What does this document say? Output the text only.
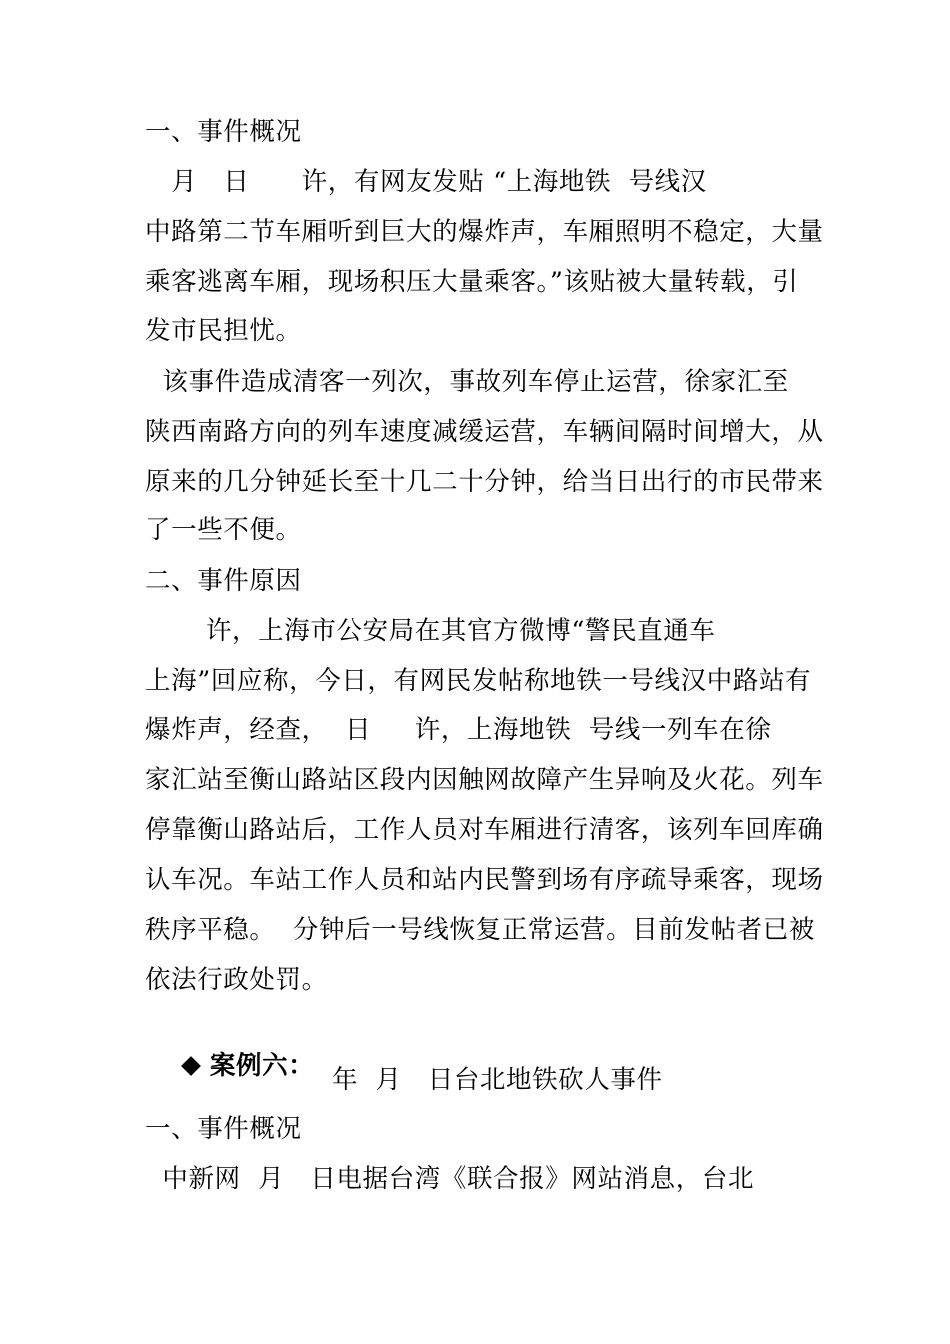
一、事件概况
月   日      许，有网友发贴 “上海地铁  号线汉
中路第二节车厢听到巨大的爆炸声，车厢照明不稳定，大量
乘客逃离车厢，现场积压大量乘客。”该贴被大量转载，引
发市民担忧。
该事件造成清客一列次，事故列车停止运营，徐家汇至
陕西南路方向的列车速度减缓运营，车辆间隔时间增大，从
原来的几分钟延长至十几二十分钟，给当日出行的市民带来
了一些不便。
二、事件原因
许，上海市公安局在其官方微博“警民直通车
上海”回应称，今日，有网民发帖称地铁一号线汉中路站有
爆炸声，经查，  日     许，上海地铁  号线一列车在徐
家汇站至衡山路站区段内因触网故障产生异响及火花。列车
停靠衡山路站后，工作人员对车厢进行清客，该列车回库确
认车况。车站工作人员和站内民警到场有序疏导乘客，现场
秩序平稳。  分钟后一号线恢复正常运营。目前发帖者已被
依法行政处罚。

案例六：
年  月   日台北地铁砍人事件
一、事件概况
中新网  月   日电据台湾《联合报》网站消息，台北
